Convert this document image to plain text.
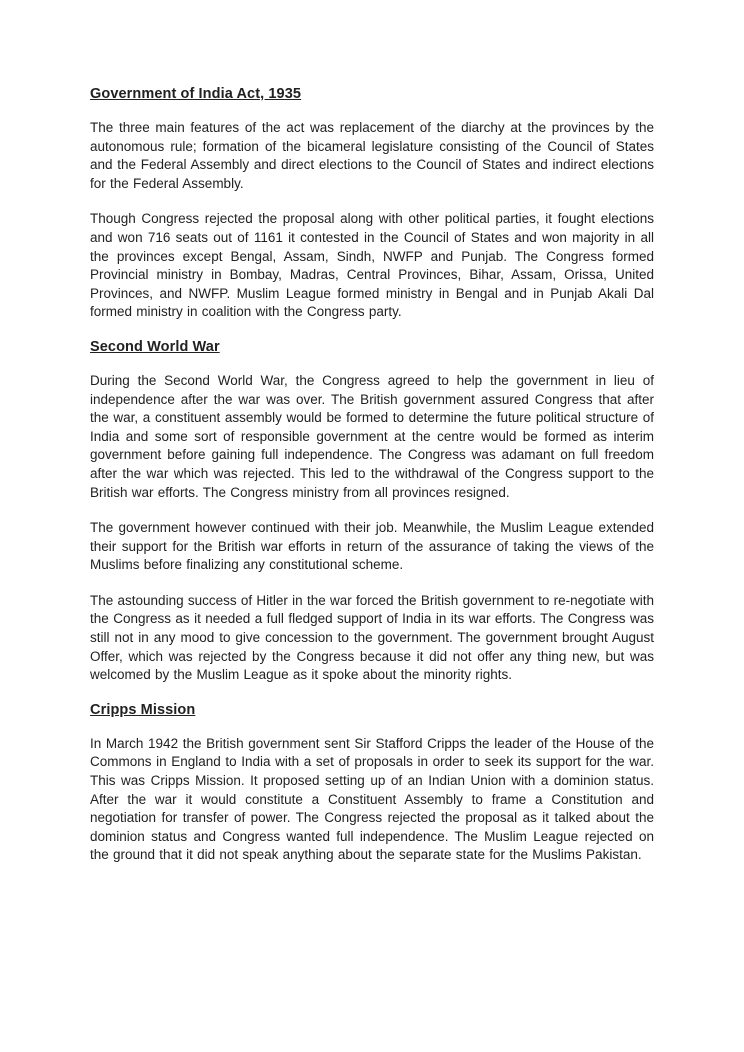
Government of India Act, 1935

The three main features of the act was replacement of the diarchy at the provinces by the autonomous rule; formation of the bicameral legislature consisting of the Council of States and the Federal Assembly and direct elections to the Council of States and indirect elections for the Federal Assembly.

Though Congress rejected the proposal along with other political parties, it fought elections and won 716 seats out of 1161 it contested in the Council of States and won majority in all the provinces except Bengal, Assam, Sindh, NWFP and Punjab. The Congress formed Provincial ministry in Bombay, Madras, Central Provinces, Bihar, Assam, Orissa, United Provinces, and NWFP. Muslim League formed ministry in Bengal and in Punjab Akali Dal formed ministry in coalition with the Congress party.

Second World War

During the Second World War, the Congress agreed to help the government in lieu of independence after the war was over. The British government assured Congress that after the war, a constituent assembly would be formed to determine the future political structure of India and some sort of responsible government at the centre would be formed as interim government before gaining full independence. The Congress was adamant on full freedom after the war which was rejected. This led to the withdrawal of the Congress support to the British war efforts. The Congress ministry from all provinces resigned.

The government however continued with their job. Meanwhile, the Muslim League extended their support for the British war efforts in return of the assurance of taking the views of the Muslims before finalizing any constitutional scheme.

The astounding success of Hitler in the war forced the British government to re-negotiate with the Congress as it needed a full fledged support of India in its war efforts. The Congress was still not in any mood to give concession to the government. The government brought August Offer, which was rejected by the Congress because it did not offer any thing new, but was welcomed by the Muslim League as it spoke about the minority rights.

Cripps Mission

In March 1942 the British government sent Sir Stafford Cripps the leader of the House of the Commons in England to India with a set of proposals in order to seek its support for the war. This was Cripps Mission. It proposed setting up of an Indian Union with a dominion status. After the war it would constitute a Constituent Assembly to frame a Constitution and negotiation for transfer of power. The Congress rejected the proposal as it talked about the dominion status and Congress wanted full independence. The Muslim League rejected on the ground that it did not speak anything about the separate state for the Muslims Pakistan.
